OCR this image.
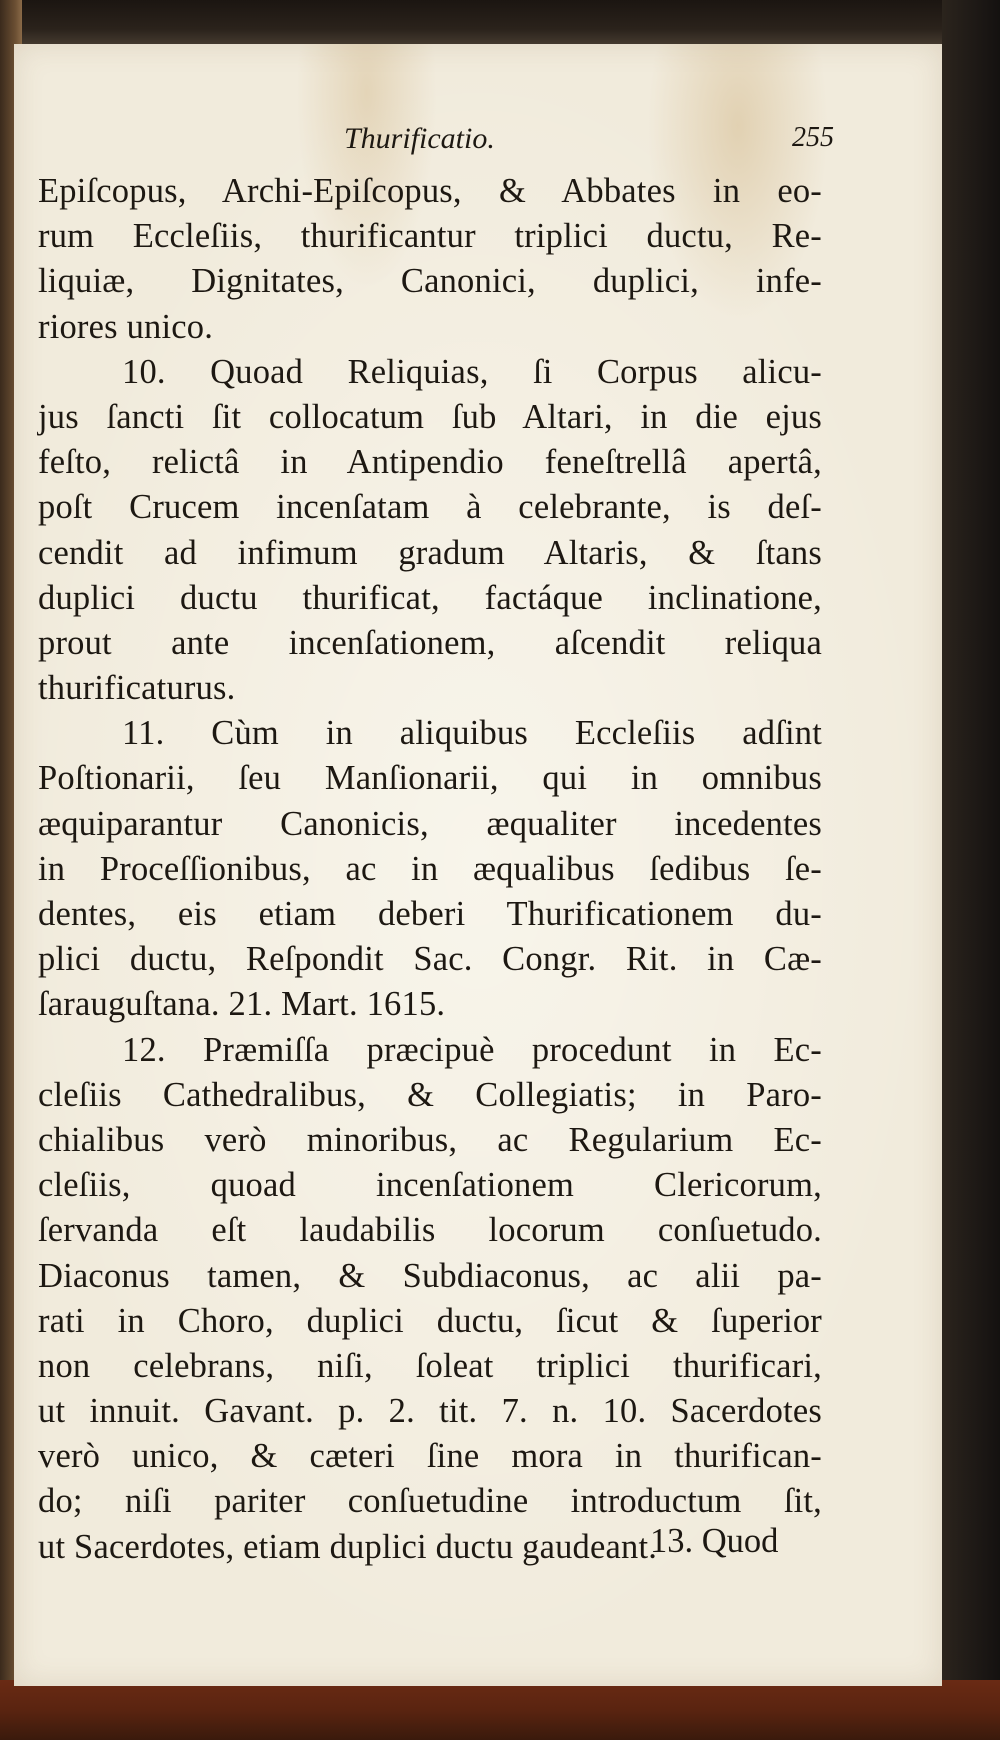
Thurificatio.	255
Epiſcopus, Archi-Epiſcopus, & Abbates in eo-
rum Eccleſiis, thurificantur triplici ductu, Re-
liquiæ, Dignitates, Canonici, duplici, infe-
riores unico.
10. Quoad Reliquias, ſi Corpus alicu-
jus ſancti ſit collocatum ſub Altari, in die ejus
feſto, relictâ in Antipendio feneſtrellâ apertâ,
poſt Crucem incenſatam à celebrante, is deſ-
cendit ad infimum gradum Altaris, & ſtans
duplici ductu thurificat, factáque inclinatione,
prout ante incenſationem, aſcendit reliqua
thurificaturus.
11. Cùm in aliquibus Eccleſiis adſint
Poſtionarii, ſeu Manſionarii, qui in omnibus
æquiparantur Canonicis, æqualiter incedentes
in Proceſſionibus, ac in æqualibus ſedibus ſe-
dentes, eis etiam deberi Thurificationem du-
plici ductu, Reſpondit Sac. Congr. Rit. in Cæ-
ſarauguſtana. 21. Mart. 1615.
12. Præmiſſa præcipuè procedunt in Ec-
cleſiis Cathedralibus, & Collegiatis; in Paro-
chialibus verò minoribus, ac Regularium Ec-
cleſiis, quoad incenſationem Clericorum,
ſervanda eſt laudabilis locorum conſuetudo.
Diaconus tamen, & Subdiaconus, ac alii pa-
rati in Choro, duplici ductu, ſicut & ſuperior
non celebrans, niſi, ſoleat triplici thurificari,
ut innuit. Gavant. p. 2. tit. 7. n. 10. Sacerdotes
verò unico, & cæteri ſine mora in thurifican-
do; niſi pariter conſuetudine introductum ſit,
ut Sacerdotes, etiam duplici ductu gaudeant.
13. Quod
